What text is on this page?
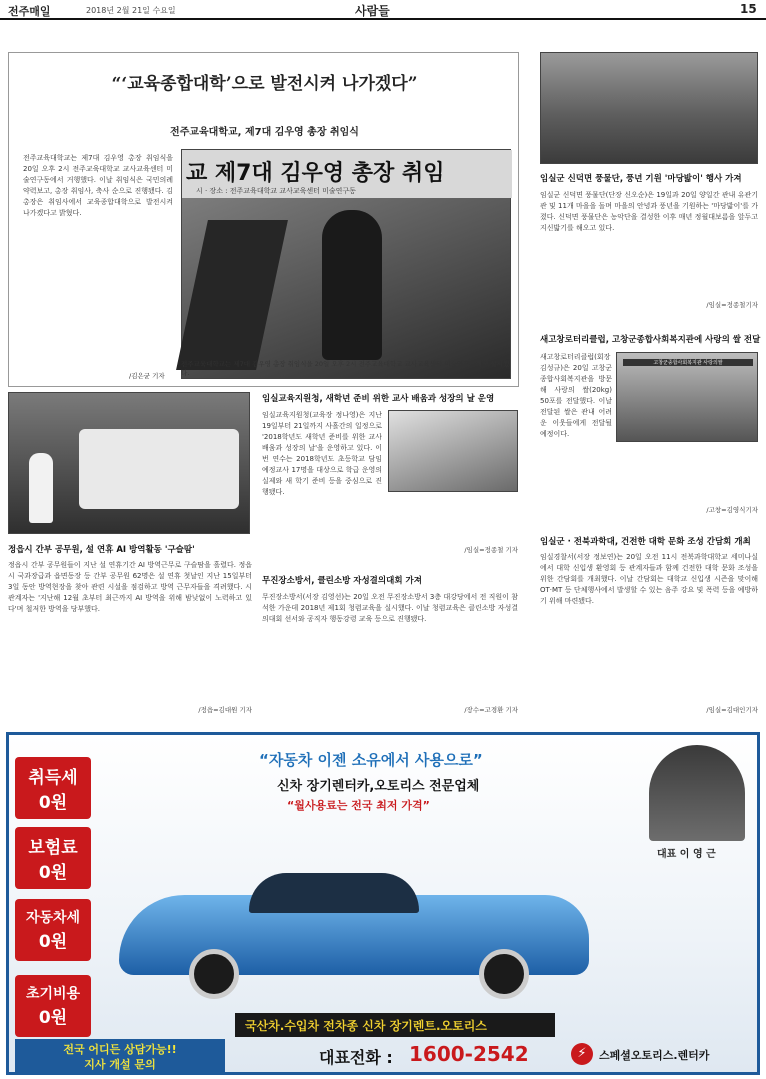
전주매일	2018년 2월 21일 수요일	사람들	15
“‘교육종합대학’으로 발전시켜 나가겠다”
전주교육대학교, 제7대 김우영 총장 취임식
전주교육대학교는 제7대 김우영 총장 취임식을 20일 오후 2시 전주교육대학교 교사교육센터 미술연구동에서 거행했다. 이날 취임식은 국민의례 약력보고, 총장 취임사, 축사 순으로 진행됐다. 김 총장은 취임사에서 교육종합대학으로 발전시켜 나가겠다고 밝혔다.
/김은균 기자
교 제7대 김우영 총장 취임
시 · 장소 : 전주교육대학교 교사교육센터 미술연구동
전주교육대학교는 제7대 김우영 총장 취임식을 20일 오후 2시 전주교육대학교 교사교육센터 미술연구동에서 실시했다.
임실군 신덕면 풍물단, 풍년 기원 '마당밟이' 행사 가져
임실군 신덕면 풍물단(단장 신오순)은 19일과 20일 양일간 관내 유관기관 및 11개 마을을 돌며 마을의 안녕과 풍년을 기원하는 '마당밟이'를 가졌다. 신덕면 풍물단은 농악단을 결성한 이후 매년 정월대보름을 앞두고 지신밟기를 해오고 있다.
/임실=정종철기자
새고창로터리클럽, 고창군종합사회복지관에 사랑의 쌀 전달
새고창로터리클럽(회장 김성규)은 20일 고창군종합사회복지관을 방문해 사랑의 쌀(20kg) 50포를 전달했다. 이날 전달된 쌀은 관내 어려운 이웃들에게 전달될 예정이다.
고창군종합사회복지관 사랑의쌀
/고창=김영식기자
임실군 · 전북과학대, 건전한 대학 문화 조성 간담회 개최
임실경찰서(서장 정보연)는 20일 오전 11시 전북과학대학교 세미나실에서 대학 신입생 환영회 등 관계자들과 함께 건전한 대학 문화 조성을 위한 간담회를 개최했다. 이날 간담회는 대학교 신입생 시즌을 맞이해 OT·MT 등 단체행사에서 발생할 수 있는 음주 강요 및 폭력 등을 예방하기 위해 마련됐다.
/임실=김대인기자
임실교육지원청, 새학년 준비 위한 교사 배움과 성장의 날 운영
임실교육지원청(교육장 정나영)은 지난 19일부터 21일까지 사흘간의 일정으로 '2018학년도 새학년 준비를 위한 교사 배움과 성장의 날'을 운영하고 있다. 이번 연수는 2018학년도 초등학교 담임 예정교사 17명을 대상으로 학급 운영의 실제와 새 학기 준비 등을 중심으로 진행됐다.
/임실=정종철 기자
무진장소방서, 클린소방 자성결의대회 가져
무진장소방서(서장 김영선)는 20일 오전 무진장소방서 3층 대강당에서 전 직원이 참석한 가운데 2018년 제1회 청렴교육을 실시했다. 이날 청렴교육은 클린소방 자성결의대회 선서와 공직자 행동강령 교육 등으로 진행됐다.
/장수=고경환 기자
정읍시 간부 공무원, 설 연휴 AI 방역활동 '구슬땀'
정읍시 간부 공무원들이 지난 설 연휴기간 AI 방역근무로 구슬땀을 흘렸다. 정읍시 국과장급과 읍면동장 등 간부 공무원 62명은 설 연휴 첫날인 지난 15일부터 3일 동안 방역현장을 찾아 관련 시설을 점검하고 방역 근무자들을 격려했다. 시 관계자는 '지난해 12월 초부터 최근까지 AI 방역을 위해 밤낮없이 노력하고 있다'며 철저한 방역을 당부했다.
/정읍=김대원 기자
취득세
0원
보험료
0원
자동차세
0원
초기비용
0원
“자동차 이젠 소유에서 사용으로”
신차 장기렌터카,오토리스 전문업체
“월사용료는 전국 최저 가격”
대표 이 영 근
국산차.수입차 전차종 신차 장기렌트.오토리스
전국 어디든 상담가능!!
지사 개설 문의	대표전화 : 1600-2542	⚡	스페셜오토리스.렌터카
